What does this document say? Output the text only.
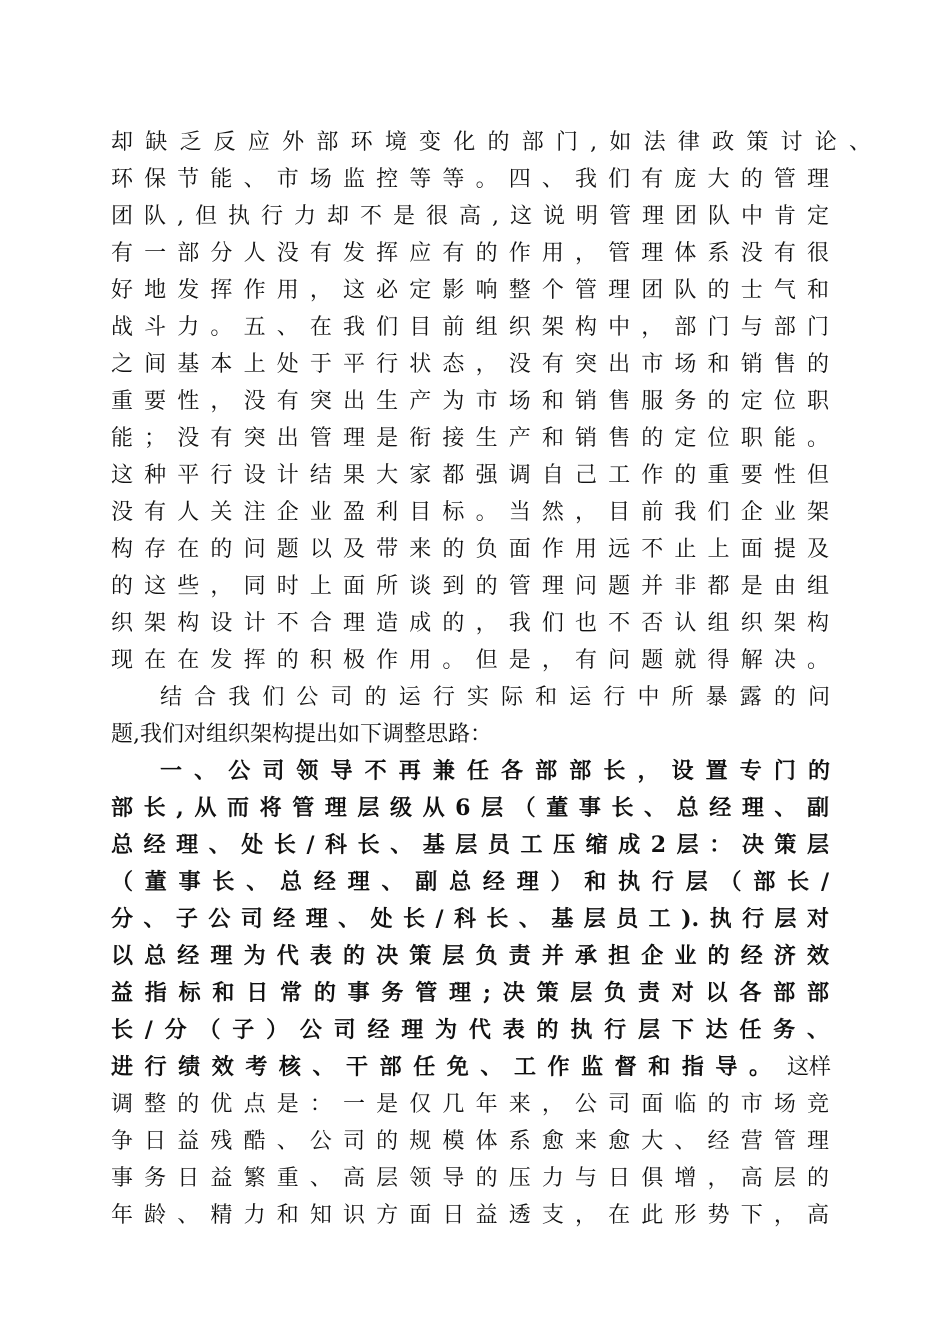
却缺乏反应外部环境变化的部门,如法律政策讨论、
环保节能、市场监控等等。四、我们有庞大的管理
团队,但执行力却不是很高,这说明管理团队中肯定
有一部分人没有发挥应有的作用，管理体系没有很
好地发挥作用，这必定影响整个管理团队的士气和
战斗力。五、在我们目前组织架构中，部门与部门
之间基本上处于平行状态，没有突出市场和销售的
重要性，没有突出生产为市场和销售服务的定位职
能；没有突出管理是衔接生产和销售的定位职能。
这种平行设计结果大家都强调自己工作的重要性但
没有人关注企业盈利目标。当然，目前我们企业架
构存在的问题以及带来的负面作用远不止上面提及
的这些，同时上面所谈到的管理问题并非都是由组
织架构设计不合理造成的，我们也不否认组织架构
现在在发挥的积极作用。但是，有问题就得解决。
结合我们公司的运行实际和运行中所暴露的问
题,我们对组织架构提出如下调整思路：
一、公司领导不再兼任各部部长，设置专门的
部长,从而将管理层级从6层（董事长、总经理、副
总经理、处长/科长、基层员工压缩成2层：决策层
（董事长、总经理、副总经理）和执行层（部长/
分、子公司经理、处长/科长、基层员工).执行层对
以总经理为代表的决策层负责并承担企业的经济效
益指标和日常的事务管理;决策层负责对以各部部
长/分（子）公司经理为代表的执行层下达任务、
进行绩效考核、干部任免、工作监督和指导。 这样
调整的优点是：一是仅几年来，公司面临的市场竞
争日益残酷、公司的规模体系愈来愈大、经营管理
事务日益繁重、高层领导的压力与日俱增，高层的
年龄、精力和知识方面日益透支，在此形势下，高
